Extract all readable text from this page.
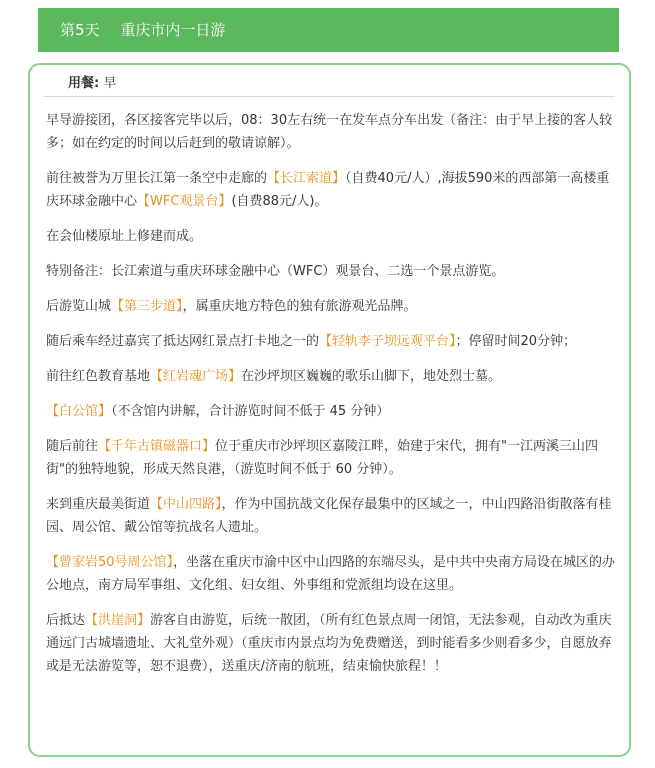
第5天 重庆市内一日游
用餐: 早

早导游接团，各区接客完毕以后，08：30左右统一在发车点分车出发（备注：由于早上接的客人较多；如在约定的时间以后赶到的敬请谅解）。

前往被誉为万里长江第一条空中走廊的【长江索道】（自费40元/人）,海拔590米的西部第一高楼重庆环球金融中心【WFC观景台】(自费88元/人)。

在会仙楼原址上修建而成。

特别备注：长江索道与重庆环球金融中心（WFC）观景台、二选一个景点游览。

后游览山城【第三步道】，属重庆地方特色的独有旅游观光品牌。

随后乘车经过嘉宾了抵达网红景点打卡地之一的【轻轨李子坝远观平台】；停留时间20分钟；

前往红色教育基地【红岩魂广场】在沙坪坝区巍巍的歌乐山脚下，地处烈士墓。

【白公馆】（不含馆内讲解，合计游览时间不低于 45 分钟）

随后前往【千年古镇磁器口】位于重庆市沙坪坝区嘉陵江畔，始建于宋代，拥有"一江两溪三山四街"的独特地貌，形成天然良港，（游览时间不低于 60 分钟）。

来到重庆最美街道【中山四路】，作为中国抗战文化保存最集中的区域之一，中山四路沿街散落有桂园、周公馆、戴公馆等抗战名人遗址。

【曾家岩50号周公馆】，坐落在重庆市渝中区中山四路的东端尽头，是中共中央南方局设在城区的办公地点，南方局军事组、文化组、妇女组、外事组和党派组均设在这里。

后抵达【洪崖洞】游客自由游览，后统一散团，（所有红色景点周一闭馆，无法参观，自动改为重庆通远门古城墙遗址、大礼堂外观）（重庆市内景点均为免费赠送，到时能看多少则看多少，自愿放弃或是无法游览等，恕不退费），送重庆/济南的航班，结束愉快旅程！！
